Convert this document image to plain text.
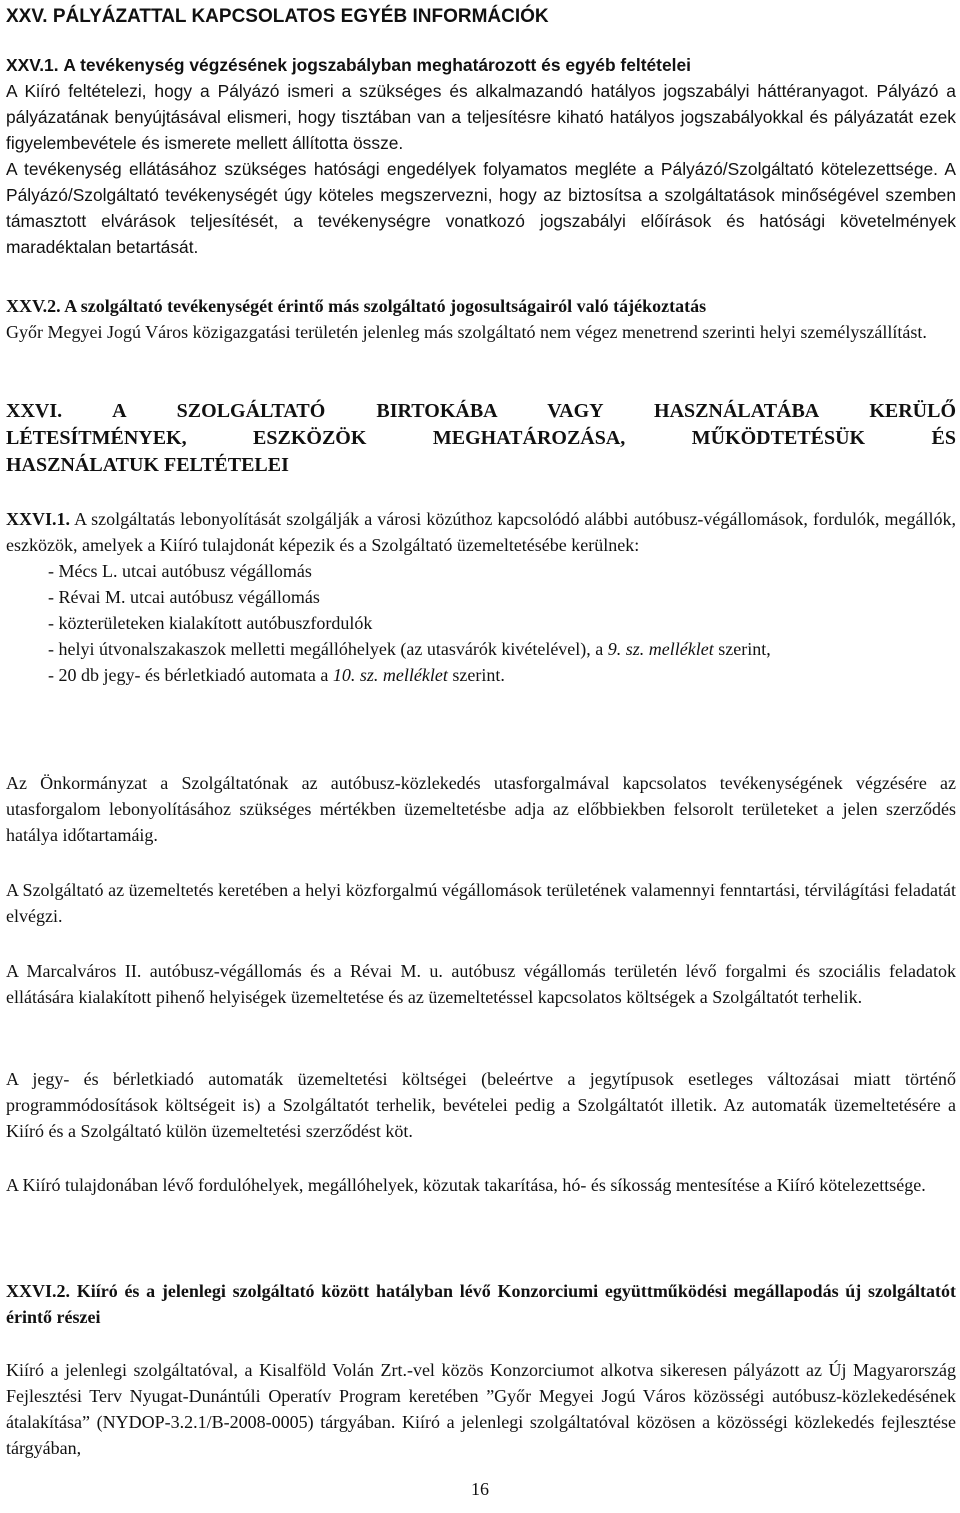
XXV. PÁLYÁZATTAL KAPCSOLATOS EGYÉB INFORMÁCIÓK

XXV.1. A tevékenység végzésének jogszabályban meghatározott és egyéb feltételei

A Kiíró feltételezi, hogy a Pályázó ismeri a szükséges és alkalmazandó hatályos jogszabályi háttéranyagot. Pályázó a pályázatának benyújtásával elismeri, hogy tisztában van a teljesítésre kiható hatályos jogszabályokkal és pályázatát ezek figyelembevétele és ismerete mellett állította össze.

A tevékenység ellátásához szükséges hatósági engedélyek folyamatos megléte a Pályázó/Szolgáltató kötelezettsége. A Pályázó/Szolgáltató tevékenységét úgy köteles megszervezni, hogy az biztosítsa a szolgáltatások minőségével szemben támasztott elvárások teljesítését, a tevékenységre vonatkozó jogszabályi előírások és hatósági követelmények maradéktalan betartását.

XXV.2. A szolgáltató tevékenységét érintő más szolgáltató jogosultságairól való tájékoztatás

Győr Megyei Jogú Város közigazgatási területén jelenleg más szolgáltató nem végez menetrend szerinti helyi személyszállítást.

XXVI. A SZOLGÁLTATÓ BIRTOKÁBA VAGY HASZNÁLATÁBA KERÜLŐ
LÉTESÍTMÉNYEK, ESZKÖZÖK MEGHATÁROZÁSA, MŰKÖDTETÉSÜK ÉS
HASZNÁLATUK FELTÉTELEI

XXVI.1. A szolgáltatás lebonyolítását szolgálják a városi közúthoz kapcsolódó alábbi autóbusz-végállomások, fordulók, megállók, eszközök, amelyek a Kiíró tulajdonát képezik és a Szolgáltató üzemeltetésébe kerülnek:

- Mécs L. utcai autóbusz végállomás
- Révai M. utcai autóbusz végállomás
- közterületeken kialakított autóbuszfordulók

- helyi útvonalszakaszok melletti megállóhelyek (az utasvárók kivételével), a 9. sz. melléklet szerint,

- 20 db jegy- és bérletkiadó automata a 10. sz. melléklet szerint.

Az Önkormányzat a Szolgáltatónak az autóbusz-közlekedés utasforgalmával kapcsolatos tevékenységének végzésére az utasforgalom lebonyolításához szükséges mértékben üzemeltetésbe adja az előbbiekben felsorolt területeket a jelen szerződés hatálya időtartamáig.

A Szolgáltató az üzemeltetés keretében a helyi közforgalmú végállomások területének valamennyi fenntartási, térvilágítási feladatát elvégzi.

A Marcalváros II. autóbusz-végállomás és a Révai M. u. autóbusz végállomás területén lévő forgalmi és szociális feladatok ellátására kialakított pihenő helyiségek üzemeltetése és az üzemeltetéssel kapcsolatos költségek a Szolgáltatót terhelik.

A jegy- és bérletkiadó automaták üzemeltetési költségei (beleértve a jegytípusok esetleges változásai miatt történő programmódosítások költségeit is) a Szolgáltatót terhelik, bevételei pedig a Szolgáltatót illetik. Az automaták üzemeltetésére a Kiíró és a Szolgáltató külön üzemeltetési szerződést köt.

A Kiíró tulajdonában lévő fordulóhelyek, megállóhelyek, közutak takarítása, hó- és síkosság mentesítése a Kiíró kötelezettsége.

XXVI.2. Kiíró és a jelenlegi szolgáltató között hatályban lévő Konzorciumi együttműködési megállapodás új szolgáltatót érintő részei

Kiíró a jelenlegi szolgáltatóval, a Kisalföld Volán Zrt.-vel közös Konzorciumot alkotva sikeresen pályázott az Új Magyarország Fejlesztési Terv Nyugat-Dunántúli Operatív Program keretében ”Győr Megyei Jogú Város közösségi autóbusz-közlekedésének átalakítása” (NYDOP-3.2.1/B-2008-0005) tárgyában. Kiíró a jelenlegi szolgáltatóval közösen a közösségi közlekedés fejlesztése tárgyában,

16
